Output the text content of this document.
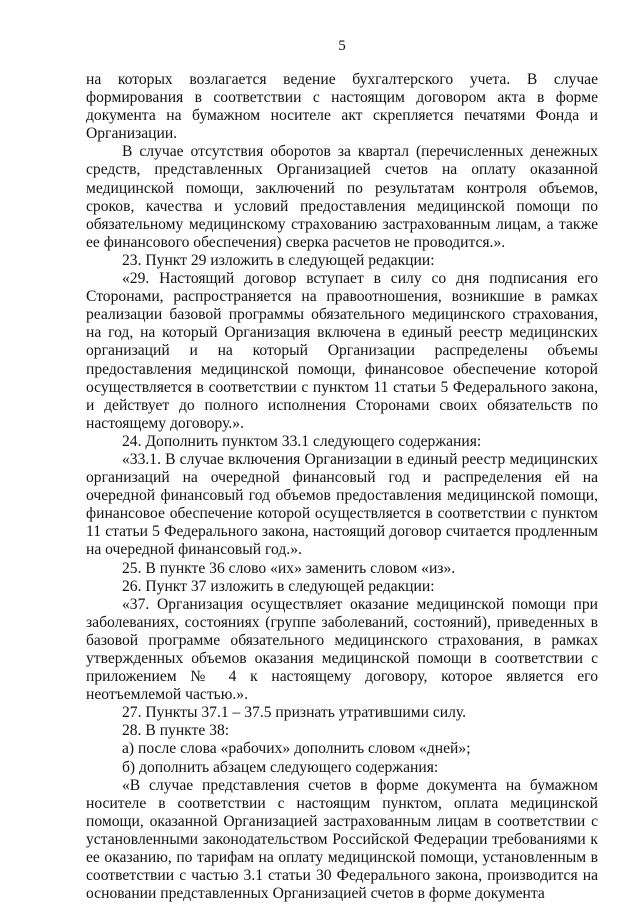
5

на которых возлагается ведение бухгалтерского учета. В случае формирования в соответствии с настоящим договором акта в форме документа на бумажном носителе акт скрепляется печатями Фонда и Организации.

В случае отсутствия оборотов за квартал (перечисленных денежных средств, представленных Организацией счетов на оплату оказанной медицинской помощи, заключений по результатам контроля объемов, сроков, качества и условий предоставления медицинской помощи по обязательному медицинскому страхованию застрахованным лицам, а также ее финансового обеспечения) сверка расчетов не проводится.».

23. Пункт 29 изложить в следующей редакции:

«29. Настоящий договор вступает в силу со дня подписания его Сторонами, распространяется на правоотношения, возникшие в рамках реализации базовой программы обязательного медицинского страхования, на год, на который Организация включена в единый реестр медицинских организаций и на который Организации распределены объемы предоставления медицинской помощи, финансовое обеспечение которой осуществляется в соответствии с пунктом 11 статьи 5 Федерального закона, и действует до полного исполнения Сторонами своих обязательств по настоящему договору.».

24. Дополнить пунктом 33.1 следующего содержания:

«33.1. В случае включения Организации в единый реестр медицинских организаций на очередной финансовый год и распределения ей на очередной финансовый год объемов предоставления медицинской помощи, финансовое обеспечение которой осуществляется в соответствии с пунктом 11 статьи 5 Федерального закона, настоящий договор считается продленным на очередной финансовый год.».

25. В пункте 36 слово «их» заменить словом «из».

26. Пункт 37 изложить в следующей редакции:

«37. Организация осуществляет оказание медицинской помощи при заболеваниях, состояниях (группе заболеваний, состояний), приведенных в базовой программе обязательного медицинского страхования, в рамках утвержденных объемов оказания медицинской помощи в соответствии с приложением № 4 к настоящему договору, которое является его неотъемлемой частью.».

27. Пункты 37.1 – 37.5 признать утратившими силу.

28. В пункте 38:

а) после слова «рабочих» дополнить словом «дней»;

б) дополнить абзацем следующего содержания:

«В случае представления счетов в форме документа на бумажном носителе в соответствии с настоящим пунктом, оплата медицинской помощи, оказанной Организацией застрахованным лицам в соответствии с установленными законодательством Российской Федерации требованиями к ее оказанию, по тарифам на оплату медицинской помощи, установленным в соответствии с частью 3.1 статьи 30 Федерального закона, производится на основании представленных Организацией счетов в форме документа
